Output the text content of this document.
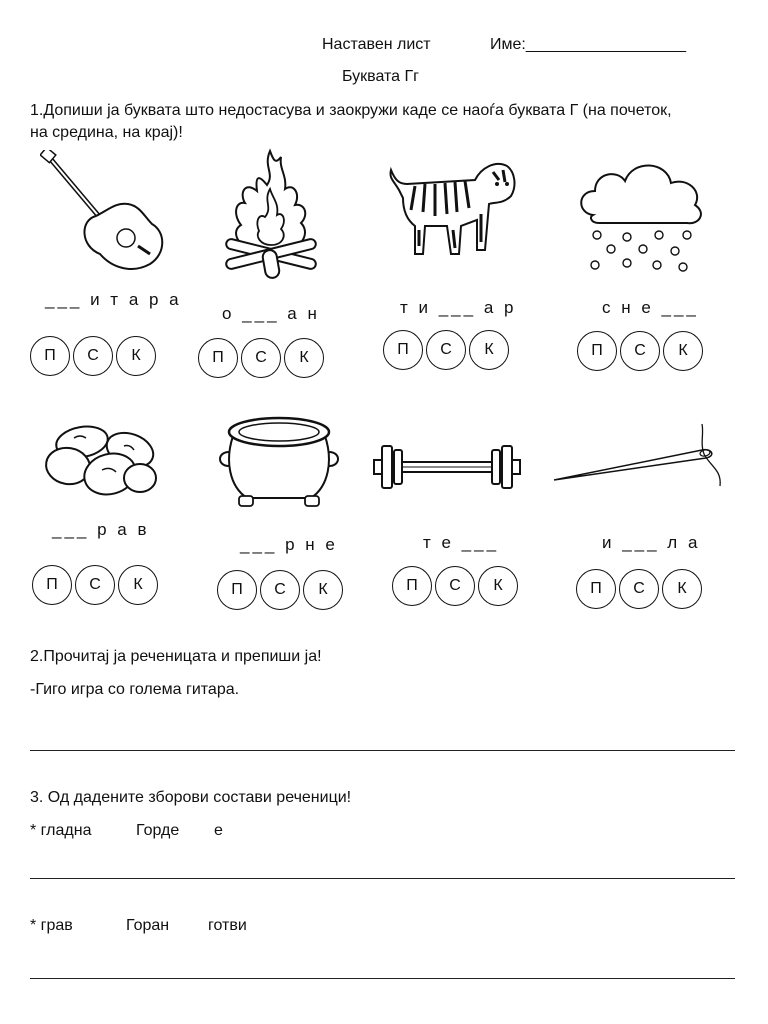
Наставен лист	Име:__________________
Буквата Гг
1.Допиши ја буквата што недостасува и заокружи каде се наоѓа буквата Г (на почеток,
на средина, на крај)!
___ и т а р а
о ___ а н	т и ___ а р	с н е ___
П	С	К	П	С	К	П	С	К	П	С	К
___ р а в
___ р н е	т е ___	и ___ л а
П	С	К	П	С	К	П	С	К	П	С	К
2.Прочитај ја реченицата и препиши ја!
-Гиго игра со голема гитара.
3. Од дадените зборови состави реченици!
* гладна	Горде е
* грав	Горан готви
